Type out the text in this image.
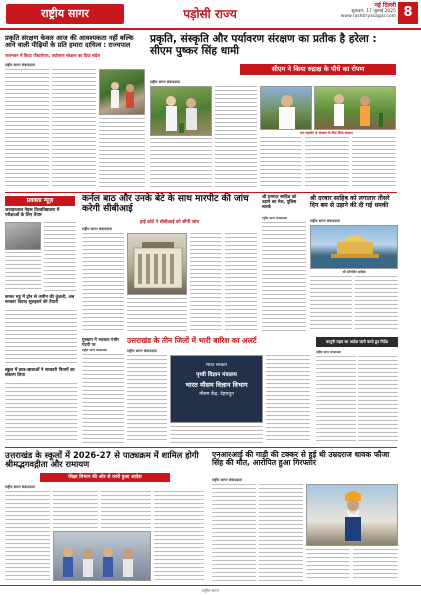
राष्ट्रीय सागर	पड़ोसी राज्य
नई दिल्ली
शुक्रवार, 17 जुलाई 2025
www.rashtriyasagar.com 8
प्रकृति संरक्षण केवल आज की आवश्यकता नहीं बल्कि आने वाली पीढ़ियों के प्रति हमारा दायित्व : राज्यपाल
राजभवन में किया पौधारोपण, पर्यावरण संरक्षण का दिया संदेश
राष्ट्रीय सागर संवाददाता
प्रकृति, संस्कृति और पर्यावरण संरक्षण का प्रतीक है हरेला : सीएम पुष्कर सिंह धामी
सीएम ने किया रुद्राक्ष के पौधे का रोपण
राष्ट्रीय सागर संवाददाता
जन सहयोग से संरक्षण के लिए लिया संकल्प
प्रवक्ता न्यूज़
जवाहरलाल नेहरू विश्वविद्यालय में परीक्षाओं के लिए तैयार
कमल भट्ट में ड्रोन से जमीन की कुंडली, अब सरकार विवाद सुलझाने की तैयारी
स्कूल में छात्र-छात्राओं ने सरकारी नियमों का संकल्प लिया
कर्नल बाठ और उनके बेटे के साथ मारपीट की जांच करेगी सीबीआई
हाई कोर्ट ने सीबीआई को सौंपी जांच
राष्ट्रीय सागर संवाददाता
गुरुग्राम में नवजात गंभीर गंदगी पर
राष्ट्रीय सागर संवाददाता
श्री हरमंदर साहिब को उड़ाने का मेल, पुलिस सतर्क
राष्ट्रीय सागर संवाददाता
श्री दरबार साहिब को लगातार तीसरे दिन बम से उड़ाने की दी गई धमकी
राष्ट्रीय सागर संवाददाता
श्री हरिमंदिर साहिब
उत्तराखंड के तीन जिलों में भारी बारिश का अलर्ट
राष्ट्रीय सागर संवाददाता
भारत सरकार
पृथ्वी विज्ञान मंत्रालय
भारत मौसम विज्ञान विभाग
मौसम केंद्र, देहरादून
कानूनी राहत का आदेश जारी करते हुए निर्देश
राष्ट्रीय सागर संवाददाता
उत्तराखंड के स्कूलों में 2026-27 से पाठ्यक्रम में शामिल होगी श्रीमद्भगवद्गीता और रामायण
शिक्षा विभाग की ओर से जारी हुआ आदेश
राष्ट्रीय सागर संवाददाता
एनआरआई की गाड़ी की टक्कर से हुई थी उम्रदराज धावक फौजा सिंह की मौत, आरोपित हुआ गिरफ्तार
राष्ट्रीय सागर संवाददाता
राष्ट्रीय सागर
